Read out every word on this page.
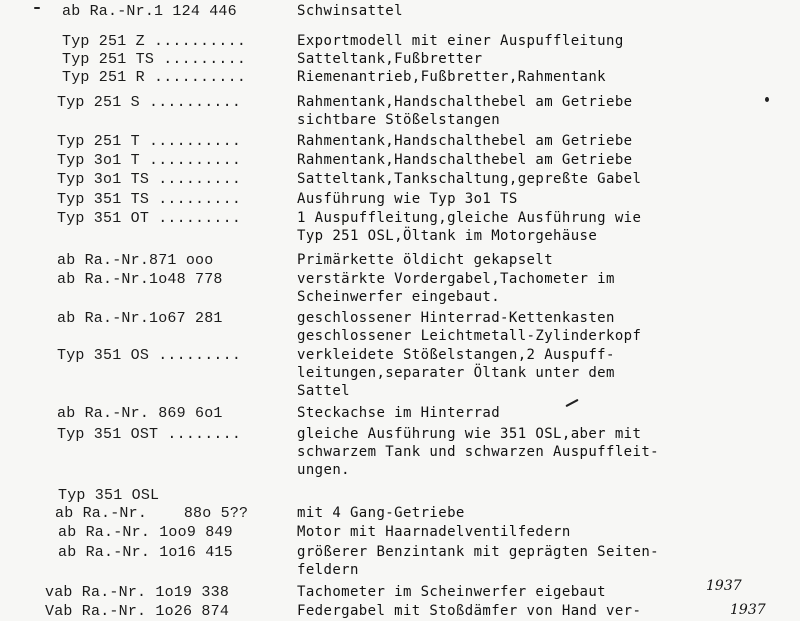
ab Ra.-Nr.1 124 446	Schwinsattel
Typ 251 Z ..........	Exportmodell mit einer Auspuffleitung
Typ 251 TS .........	Satteltank,Fußbretter
Typ 251 R ..........	Riemenantrieb,Fußbretter,Rahmentank
Typ 251 S ..........	Rahmentank,Handschalthebel am Getriebe
sichtbare Stößelstangen
Typ 251 T ..........	Rahmentank,Handschalthebel am Getriebe
Typ 3o1 T ..........	Rahmentank,Handschalthebel am Getriebe
Typ 3o1 TS .........	Satteltank,Tankschaltung,gepreßte Gabel
Typ 351 TS .........	Ausführung wie Typ 3o1 TS
Typ 351 OT .........	1 Auspuffleitung,gleiche Ausführung wie
Typ 251 OSL,Öltank im Motorgehäuse
ab Ra.-Nr.871 ooo	Primärkette öldicht gekapselt
ab Ra.-Nr.1o48 778	verstärkte Vordergabel,Tachometer im
Scheinwerfer eingebaut.
ab Ra.-Nr.1o67 281	geschlossener Hinterrad-Kettenkasten
geschlossener Leichtmetall-Zylinderkopf
Typ 351 OS .........	verkleidete Stößelstangen,2 Auspuff-
leitungen,separater Öltank unter dem
Sattel
ab Ra.-Nr. 869 6o1	Steckachse im Hinterrad
Typ 351 OST ........	gleiche Ausführung wie 351 OSL,aber mit
schwarzem Tank und schwarzen Auspuffleit-
ungen.
Typ 351 OSL
ab Ra.-Nr.    88o 5??	mit 4 Gang-Getriebe
ab Ra.-Nr. 1oo9 849	Motor mit Haarnadelventilfedern
ab Ra.-Nr. 1o16 415	größerer Benzintank mit geprägten Seiten-
feldern
vab Ra.-Nr. 1o19 338	Tachometer im Scheinwerfer eigebaut
Vab Ra.-Nr. 1o26 874	Federgabel mit Stoßdämfer von Hand ver-
1937
1937
